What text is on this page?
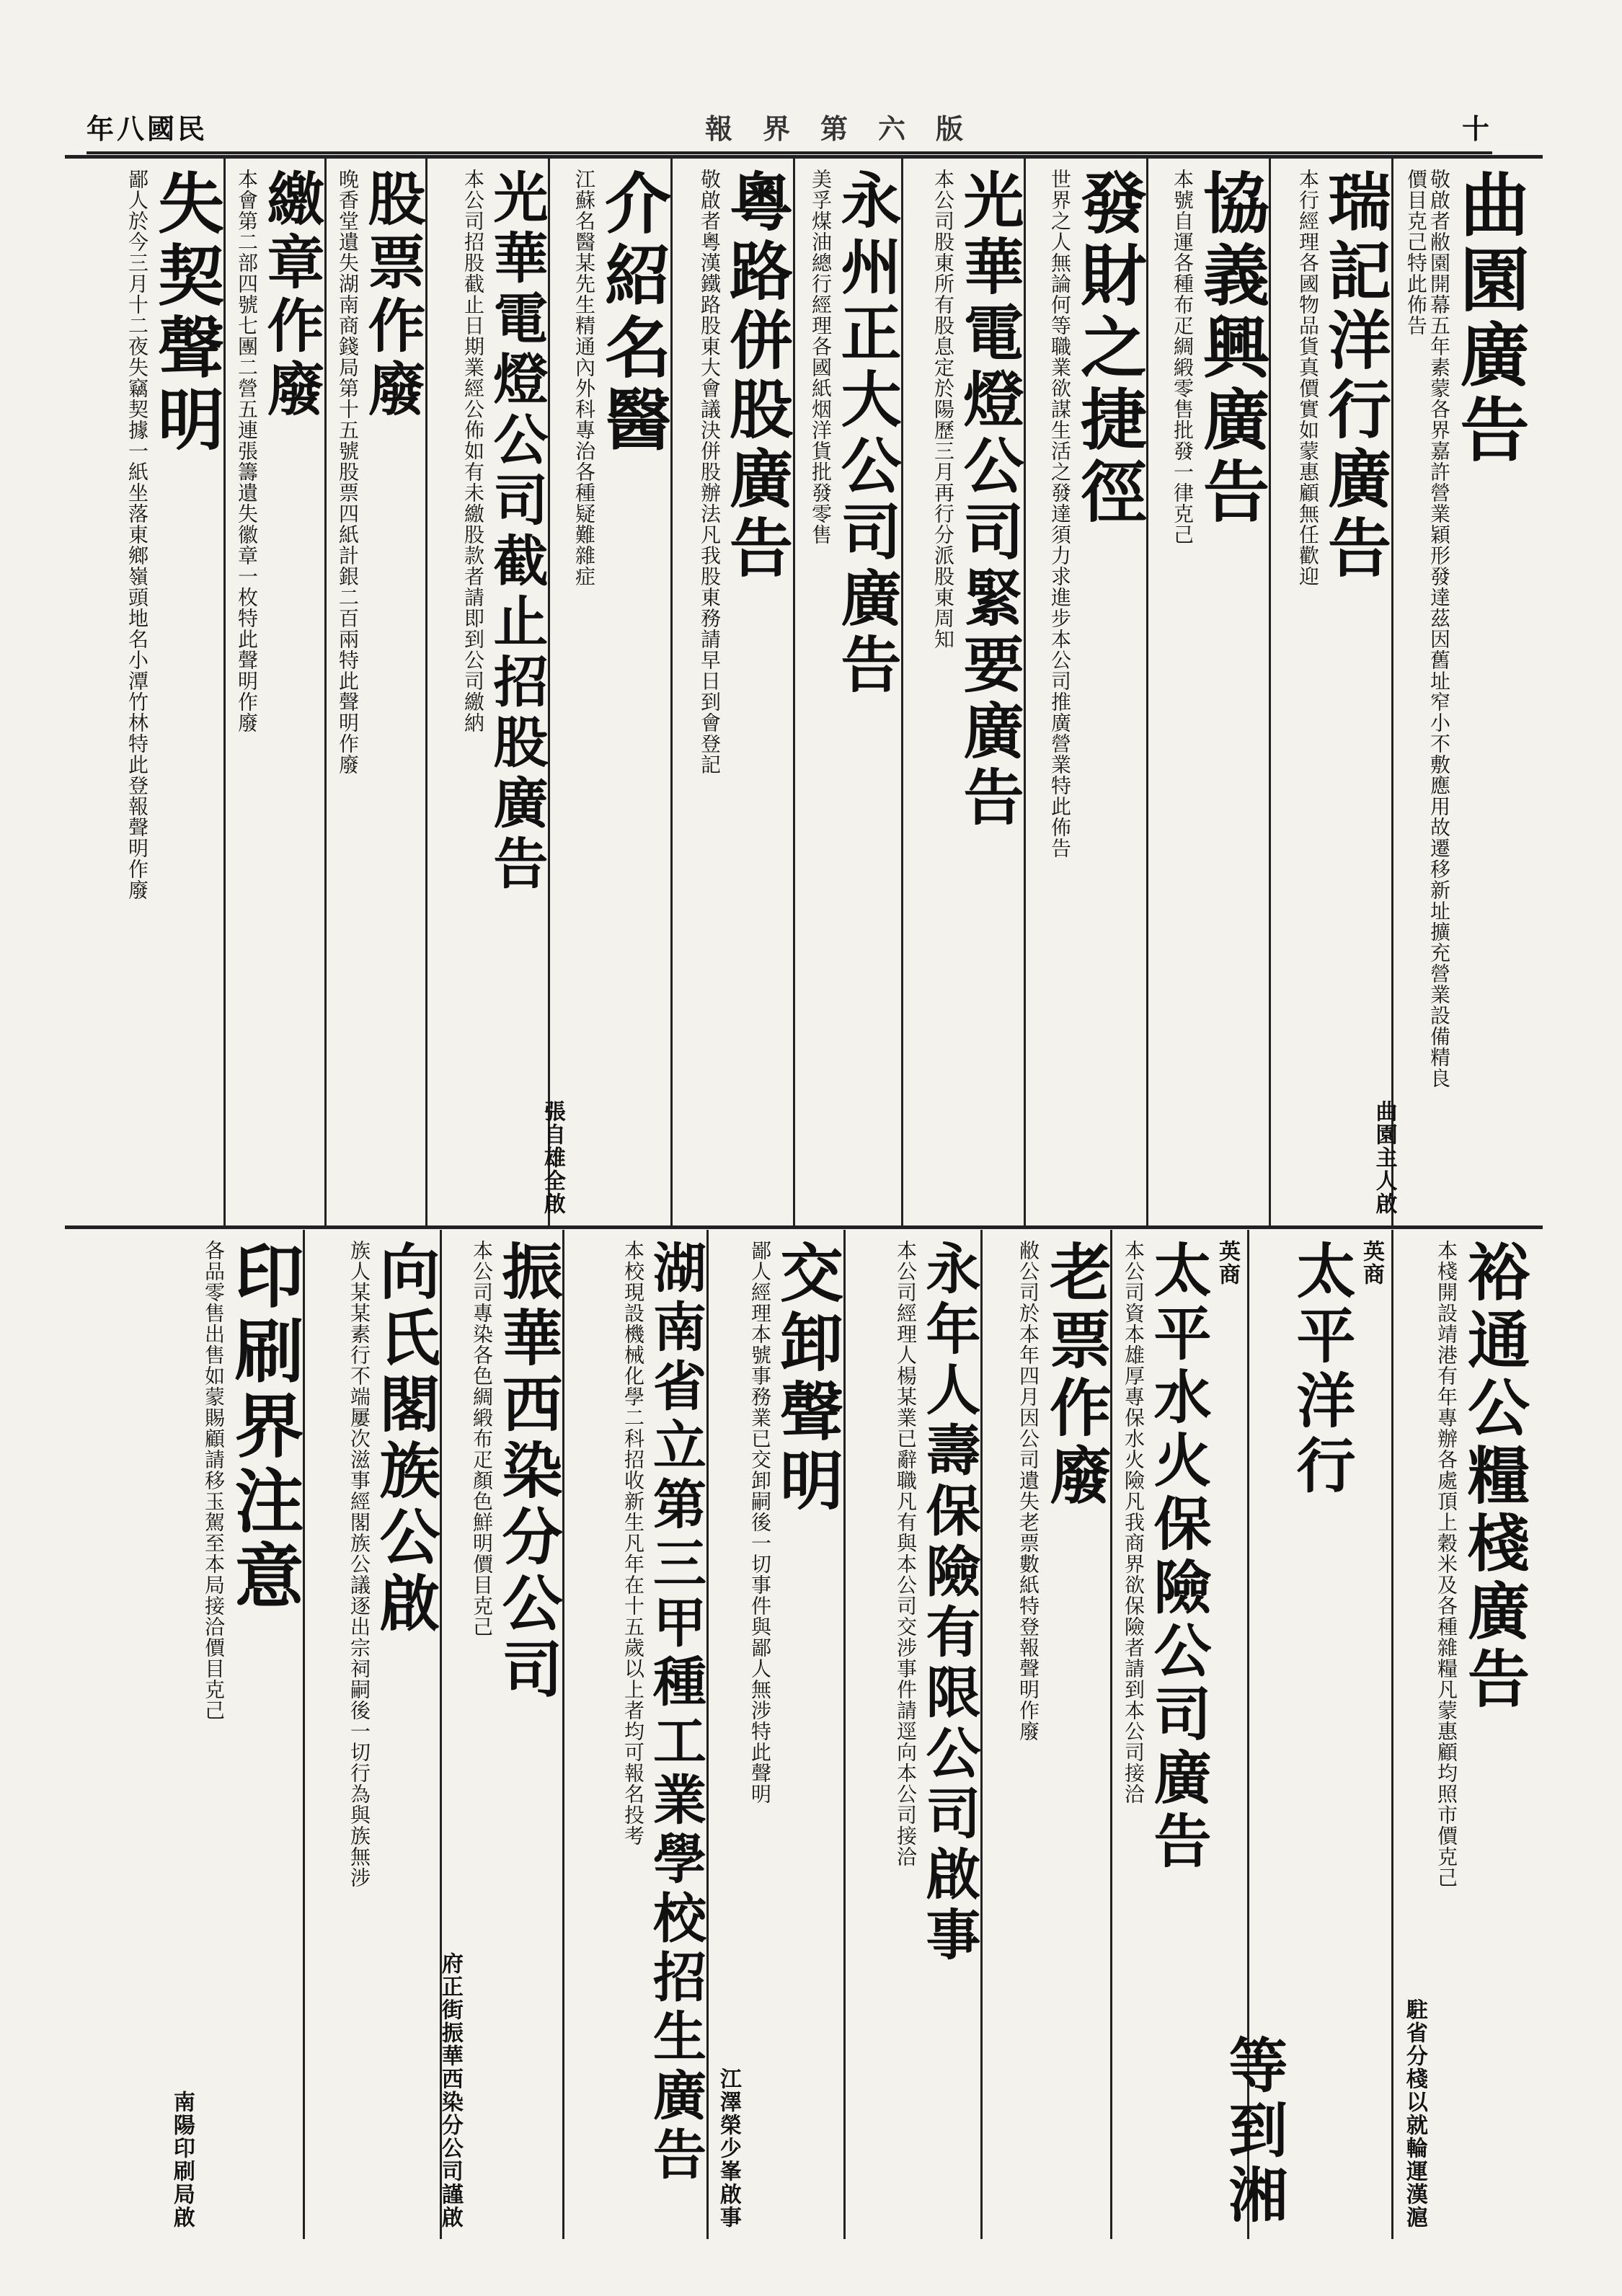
年八國民	報　界　第　六　版	十
曲園廣告
敬啟者敝園開幕五年素蒙各界嘉許營業穎形發達茲因舊址窄小不敷應用故遷移新址擴充營業設備精良價目克己特此佈告
曲園主人啟
瑞記洋行廣告
本行經理各國物品貨真價實如蒙惠顧無任歡迎
協義興廣告
本號自運各種布疋綢緞零售批發一律克己
發財之捷徑
世界之人無論何等職業欲謀生活之發達須力求進步本公司推廣營業特此佈告
光華電燈公司緊要廣告
本公司股東所有股息定於陽歷三月再行分派股東周知
永州正大公司廣告
美孚煤油總行經理各國紙烟洋貨批發零售
粵路併股廣告
敬啟者粵漢鐵路股東大會議決併股辦法凡我股東務請早日到會登記
介紹名醫
江蘇名醫某先生精通內外科專治各種疑難雜症
張自雄全啟
光華電燈公司截止招股廣告
本公司招股截止日期業經公佈如有未繳股款者請即到公司繳納
股票作廢
晚香堂遺失湖南商錢局第十五號股票四紙計銀二百兩特此聲明作廢
繳章作廢
本會第二部四號七團二營五連張籌遺失徽章一枚特此聲明作廢
失契聲明
鄙人於今三月十二夜失竊契據一紙坐落東鄉嶺頭地名小潭竹林特此登報聲明作廢
裕通公糧棧廣告
本棧開設靖港有年專辦各處頂上穀米及各種雜糧凡蒙惠顧均照市價克己
駐省分棧以就輪運漢滬
英商
太平洋行
等到湘
英商
太平水火保險公司廣告
本公司資本雄厚專保水火險凡我商界欲保險者請到本公司接洽
老票作廢
敝公司於本年四月因公司遺失老票數紙特登報聲明作廢
永年人壽保險有限公司啟事
本公司經理人楊某業已辭職凡有與本公司交涉事件請逕向本公司接洽
交卸聲明
鄙人經理本號事務業已交卸嗣後一切事件與鄙人無涉特此聲明
江澤榮少峯啟事
湖南省立第三甲種工業學校招生廣告
本校現設機械化學二科招收新生凡年在十五歲以上者均可報名投考
振華西染分公司
本公司專染各色綢緞布疋顏色鮮明價目克己
府正街振華西染分公司謹啟
向氏閣族公啟
族人某某素行不端屢次滋事經閣族公議逐出宗祠嗣後一切行為與族無涉
印刷界注意
各品零售出售如蒙賜顧請移玉駕至本局接洽價目克己
南陽印刷局啟
